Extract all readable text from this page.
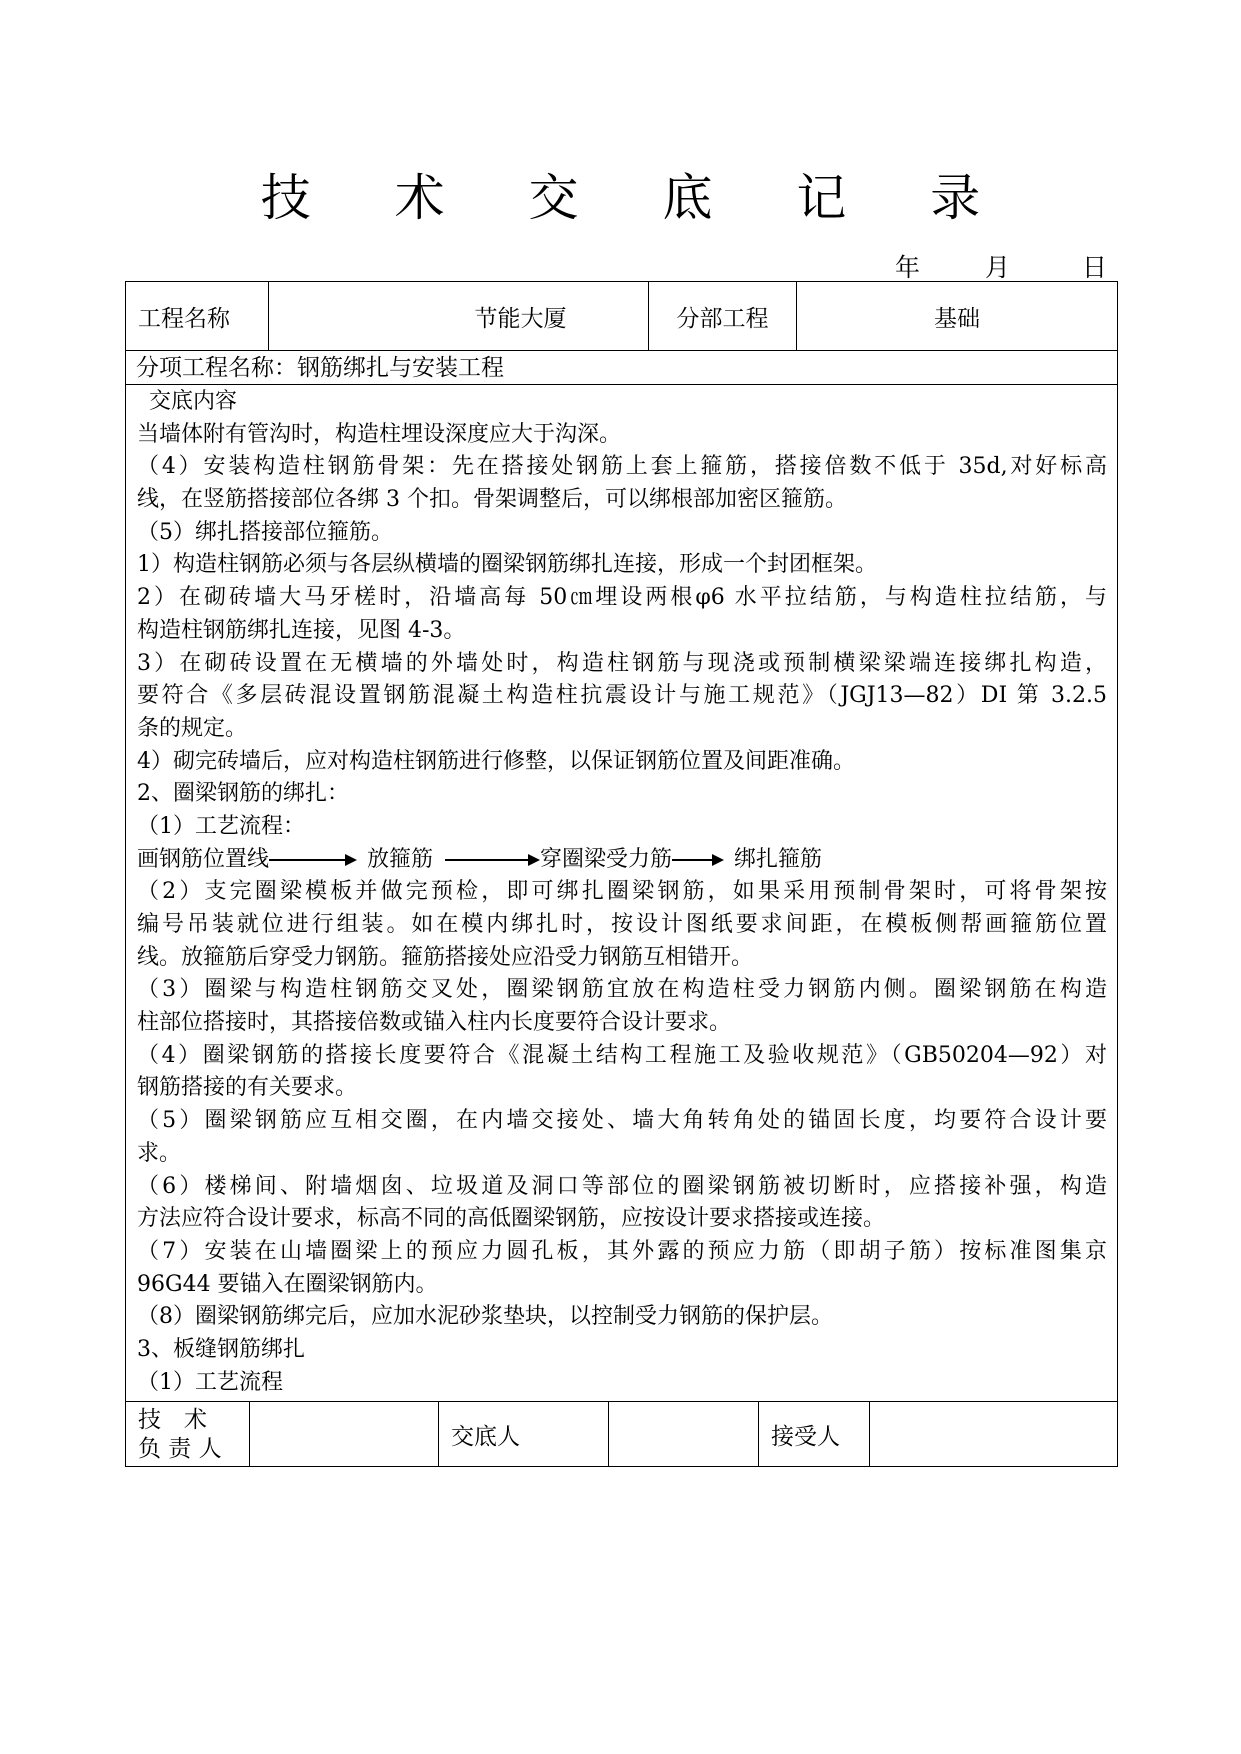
技 术 交 底 记 录
年	月	日
工程名称	节能大厦	分部工程	基础
分项工程名称：钢筋绑扎与安装工程
交底内容
当墙体附有管沟时，构造柱埋设深度应大于沟深。
（4）安装构造柱钢筋骨架：先在搭接处钢筋上套上箍筋，搭接倍数不低于 35d,对好标高
线，在竖筋搭接部位各绑 3 个扣。骨架调整后，可以绑根部加密区箍筋。
（5）绑扎搭接部位箍筋。
1）构造柱钢筋必须与各层纵横墙的圈梁钢筋绑扎连接，形成一个封团框架。
2）在砌砖墙大马牙槎时，沿墙高每 50㎝埋设两根φ6 水平拉结筋，与构造柱拉结筋，与
构造柱钢筋绑扎连接，见图 4-3。
3）在砌砖设置在无横墙的外墙处时，构造柱钢筋与现浇或预制横梁梁端连接绑扎构造，
要符合《多层砖混设置钢筋混凝土构造柱抗震设计与施工规范》（JGJ13—82）DI 第 3.2.5
条的规定。
4）砌完砖墙后，应对构造柱钢筋进行修整，以保证钢筋位置及间距准确。
2、圈梁钢筋的绑扎：
（1）工艺流程：
画钢筋位置线	放箍筋	穿圈梁受力筋	绑扎箍筋
（2）支完圈梁模板并做完预检，即可绑扎圈梁钢筋，如果采用预制骨架时，可将骨架按
编号吊装就位进行组装。如在模内绑扎时，按设计图纸要求间距，在模板侧帮画箍筋位置
线。放箍筋后穿受力钢筋。箍筋搭接处应沿受力钢筋互相错开。
（3）圈梁与构造柱钢筋交叉处，圈梁钢筋宜放在构造柱受力钢筋内侧。圈梁钢筋在构造
柱部位搭接时，其搭接倍数或锚入柱内长度要符合设计要求。
（4）圈梁钢筋的搭接长度要符合《混凝土结构工程施工及验收规范》（GB50204—92）对
钢筋搭接的有关要求。
（5）圈梁钢筋应互相交圈，在内墙交接处、墙大角转角处的锚固长度，均要符合设计要
求。
（6）楼梯间、附墙烟囱、垃圾道及洞口等部位的圈梁钢筋被切断时，应搭接补强，构造
方法应符合设计要求，标高不同的高低圈梁钢筋，应按设计要求搭接或连接。
（7）安装在山墙圈梁上的预应力圆孔板，其外露的预应力筋（即胡子筋）按标准图集京
96G44 要锚入在圈梁钢筋内。
（8）圈梁钢筋绑完后，应加水泥砂浆垫块，以控制受力钢筋的保护层。
3、板缝钢筋绑扎
（1）工艺流程
技　术
负 责 人	交底人	接受人
